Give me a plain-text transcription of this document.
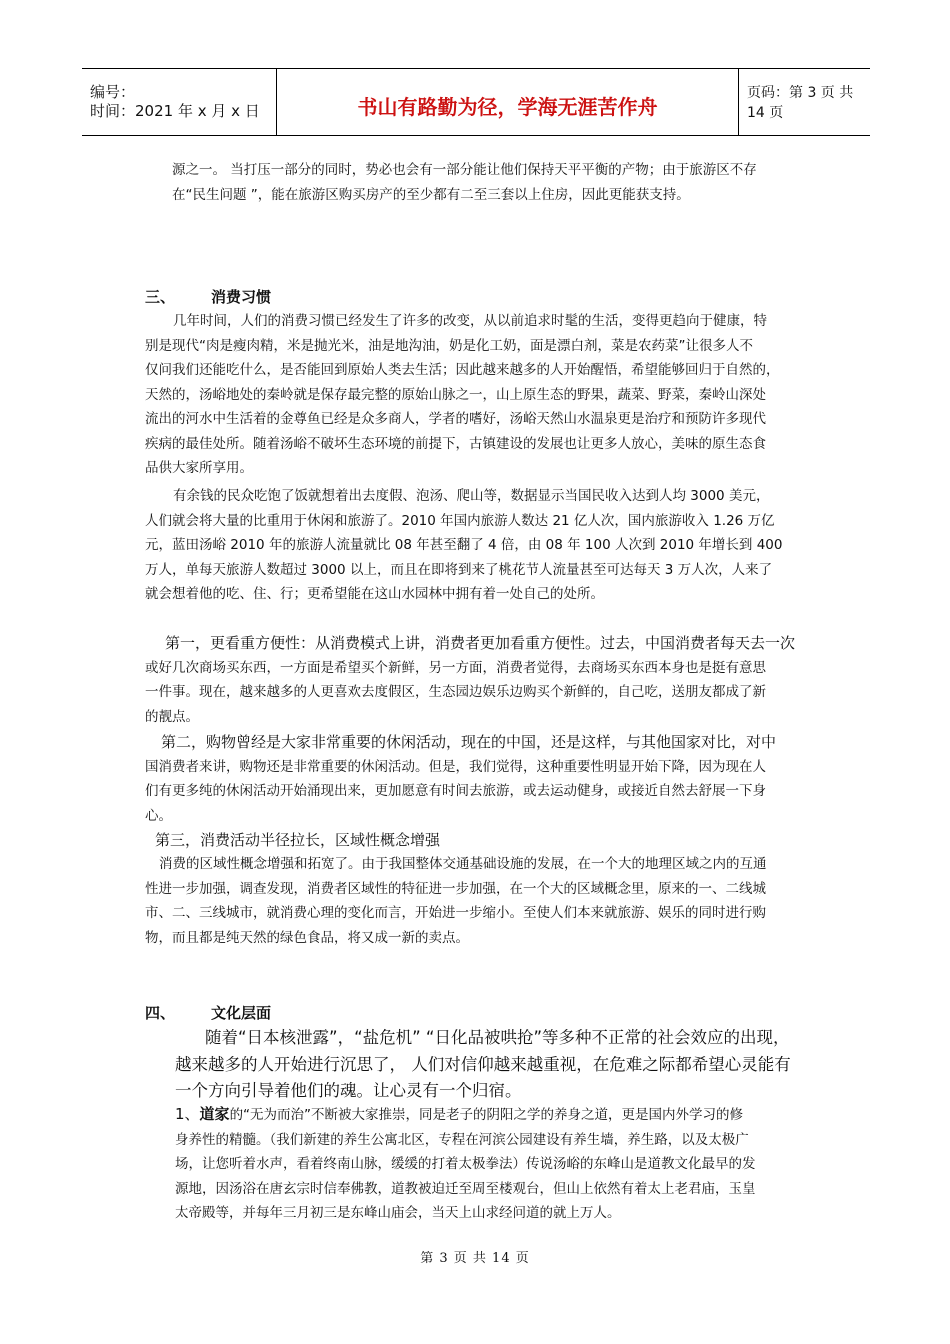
编号：
时间：2021 年 x 月 x 日	书山有路勤为径，学海无涯苦作舟
页码：第 3 页 共 14 页
源之一。 当打压一部分的同时，势必也会有一部分能让他们保持天平平衡的产物；由于旅游区不存
在“民生问题 ”，能在旅游区购买房产的至少都有二至三套以上住房，因此更能获支持。
三、 消费习惯
几年时间，人们的消费习惯已经发生了许多的改变，从以前追求时髦的生活，变得更趋向于健康，特
别是现代“肉是瘦肉精，米是抛光米，油是地沟油，奶是化工奶，面是漂白剂，菜是农药菜”让很多人不
仅问我们还能吃什么，是否能回到原始人类去生活；因此越来越多的人开始醒悟，希望能够回归于自然的，
天然的，汤峪地处的秦岭就是保存最完整的原始山脉之一，山上原生态的野果，蔬菜、野菜，秦岭山深处
流出的河水中生活着的金尊鱼已经是众多商人，学者的嗜好，汤峪天然山水温泉更是治疗和预防许多现代
疾病的最佳处所。随着汤峪不破坏生态环境的前提下，古镇建设的发展也让更多人放心，美味的原生态食
品供大家所享用。
有余钱的民众吃饱了饭就想着出去度假、泡汤、爬山等，数据显示当国民收入达到人均 3000 美元，
人们就会将大量的比重用于休闲和旅游了。2010 年国内旅游人数达 21 亿人次，国内旅游收入 1.26 万亿
元，蓝田汤峪 2010 年的旅游人流量就比 08 年甚至翻了 4 倍，由 08 年 100 人次到 2010 年增长到 400
万人，单每天旅游人数超过 3000 以上，而且在即将到来了桃花节人流量甚至可达每天 3 万人次，人来了
就会想着他的吃、住、行；更希望能在这山水园林中拥有着一处自己的处所。
第一，更看重方便性：从消费模式上讲，消费者更加看重方便性。过去，中国消费者每天去一次
或好几次商场买东西，一方面是希望买个新鲜，另一方面，消费者觉得，去商场买东西本身也是挺有意思
一件事。现在，越来越多的人更喜欢去度假区，生态园边娱乐边购买个新鲜的，自己吃，送朋友都成了新
的靓点。
第二，购物曾经是大家非常重要的休闲活动，现在的中国，还是这样，与其他国家对比，对中
国消费者来讲，购物还是非常重要的休闲活动。但是，我们觉得，这种重要性明显开始下降，因为现在人
们有更多纯的休闲活动开始涌现出来，更加愿意有时间去旅游，或去运动健身，或接近自然去舒展一下身
心。
第三，消费活动半径拉长，区域性概念增强
消费的区域性概念增强和拓宽了。由于我国整体交通基础设施的发展，在一个大的地理区域之内的互通
性进一步加强，调查发现，消费者区域性的特征进一步加强，在一个大的区域概念里，原来的一、二线城
市、二、三线城市，就消费心理的变化而言，开始进一步缩小。至使人们本来就旅游、娱乐的同时进行购
物，而且都是纯天然的绿色食品，将又成一新的卖点。
四、 文化层面
随着“日本核泄露”，“盐危机” “日化品被哄抢”等多种不正常的社会效应的出现，
越来越多的人开始进行沉思了， 人们对信仰越来越重视，在危难之际都希望心灵能有
一个方向引导着他们的魂。让心灵有一个归宿。
1、道家的“无为而治”不断被大家推崇，同是老子的阴阳之学的养身之道，更是国内外学习的修
身养性的精髓。（我们新建的养生公寓北区，专程在河滨公园建设有养生墙，养生路，以及太极广
场，让您听着水声，看着终南山脉，缓缓的打着太极拳法）传说汤峪的东峰山是道教文化最早的发
源地，因汤浴在唐玄宗时信奉佛教，道教被迫迁至周至楼观台，但山上依然有着太上老君庙，玉皇
太帝殿等，并每年三月初三是东峰山庙会，当天上山求经问道的就上万人。
第 3 页 共 14 页
